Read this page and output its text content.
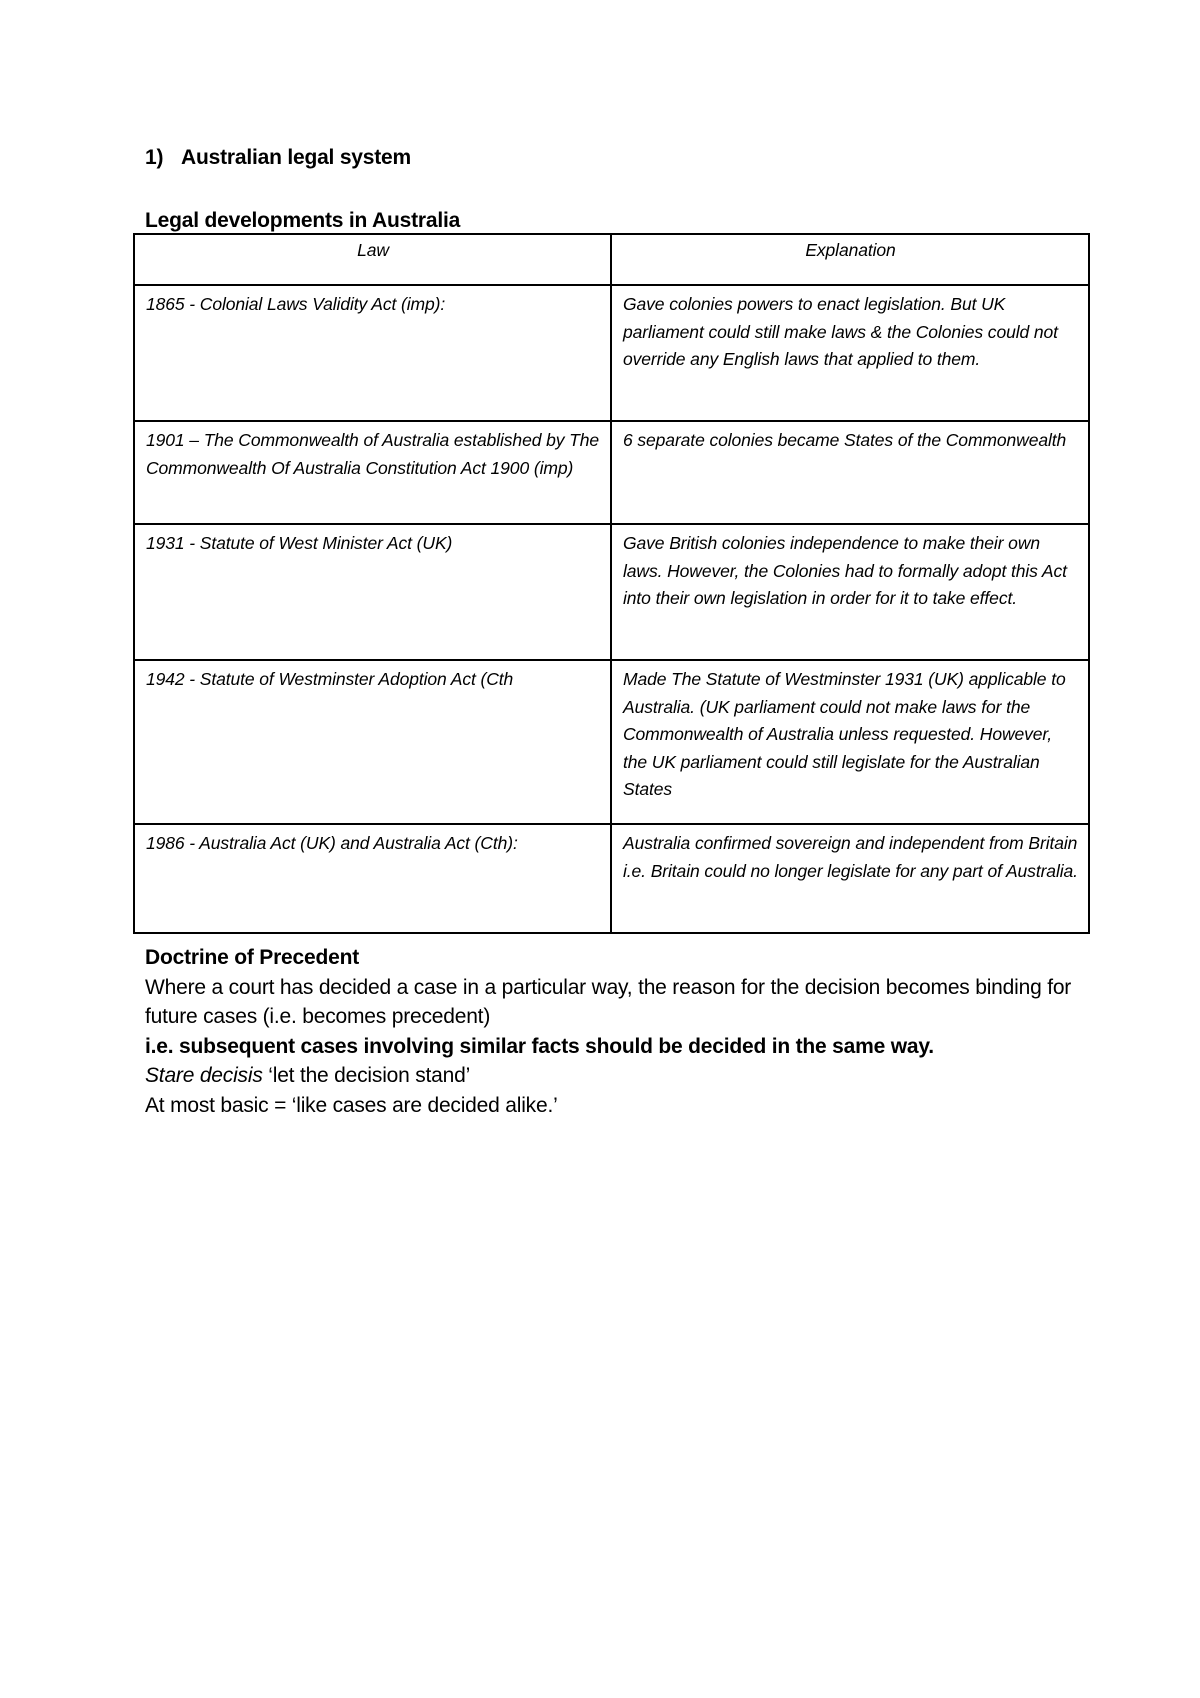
1) Australian legal system
Legal developments in Australia
Law	Explanation
1865 - Colonial Laws Validity Act (imp):	Gave colonies powers to enact legislation. But UK parliament could still make laws & the Colonies could not override any English laws that applied to them.
1901 – The Commonwealth of Australia established by The Commonwealth Of Australia Constitution Act 1900 (imp)	6 separate colonies became States of the Commonwealth
1931 - Statute of West Minister Act (UK)	Gave British colonies independence to make their own laws. However, the Colonies had to formally adopt this Act into their own legislation in order for it to take effect.
1942 - Statute of Westminster Adoption Act (Cth	Made The Statute of Westminster 1931 (UK) applicable to Australia. (UK parliament could not make laws for the Commonwealth of Australia unless requested. However, the UK parliament could still legislate for the Australian States
1986 - Australia Act (UK) and Australia Act (Cth):	Australia confirmed sovereign and independent from Britain i.e. Britain could no longer legislate for any part of Australia.

Doctrine of Precedent

Where a court has decided a case in a particular way, the reason for the decision becomes binding for future cases (i.e. becomes precedent)

i.e. subsequent cases involving similar facts should be decided in the same way.

Stare decisis ‘let the decision stand’

At most basic = ‘like cases are decided alike.’
